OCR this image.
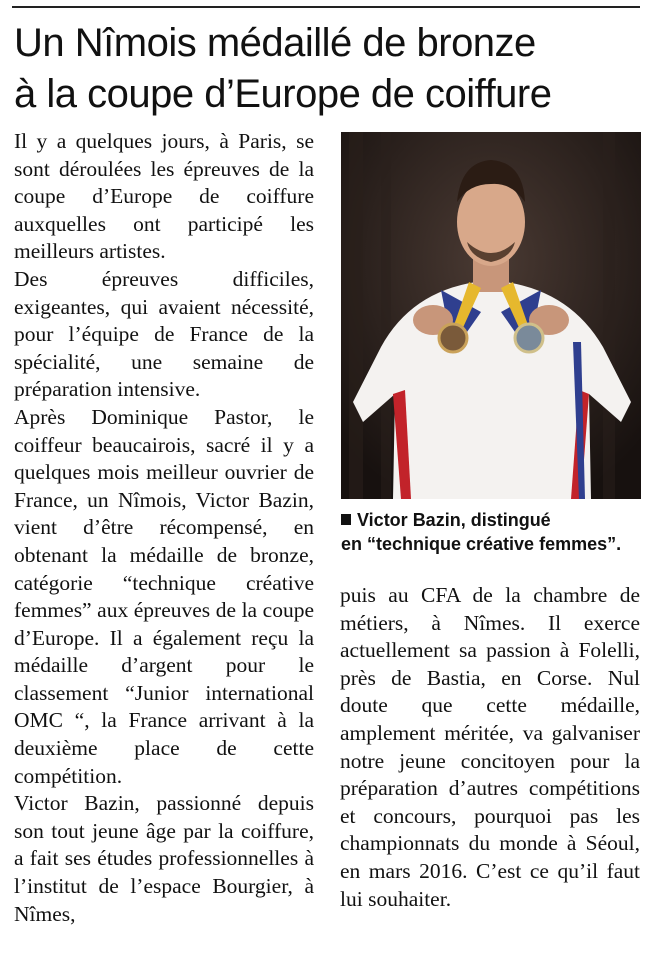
Un Nîmois médaillé de bronze
à la coupe d’Europe de coiffure

Il y a quelques jours, à Paris, se sont déroulées les épreuves de la coupe d’Europe de coiffure auxquelles ont participé les meilleurs artistes.

Des épreuves difficiles, exigeantes, qui avaient nécessité, pour l’équipe de France de la spécialité, une semaine de préparation intensive.

Après Dominique Pastor, le coiffeur beaucairois, sacré il y a quelques mois meilleur ouvrier de France, un Nîmois, Victor Bazin, vient d’être récompensé, en obtenant la médaille de bronze, catégorie “technique créative femmes” aux épreuves de la coupe d’Europe. Il a également reçu la médaille d’argent pour le classement “Junior international OMC “, la France arrivant à la deuxième place de cette compétition.

Victor Bazin, passionné depuis son tout jeune âge par la coiffure, a fait ses études professionnelles à l’institut de l’espace Bourgier, à Nîmes,

Victor Bazin, distingué
en “technique créative femmes”.

puis au CFA de la chambre de métiers, à Nîmes. Il exerce actuellement sa passion à Folelli, près de Bastia, en Corse. Nul doute que cette médaille, amplement méritée, va galvaniser notre jeune concitoyen pour la préparation d’autres compétitions et concours, pourquoi pas les championnats du monde à Séoul, en mars 2016. C’est ce qu’il faut lui souhaiter.
